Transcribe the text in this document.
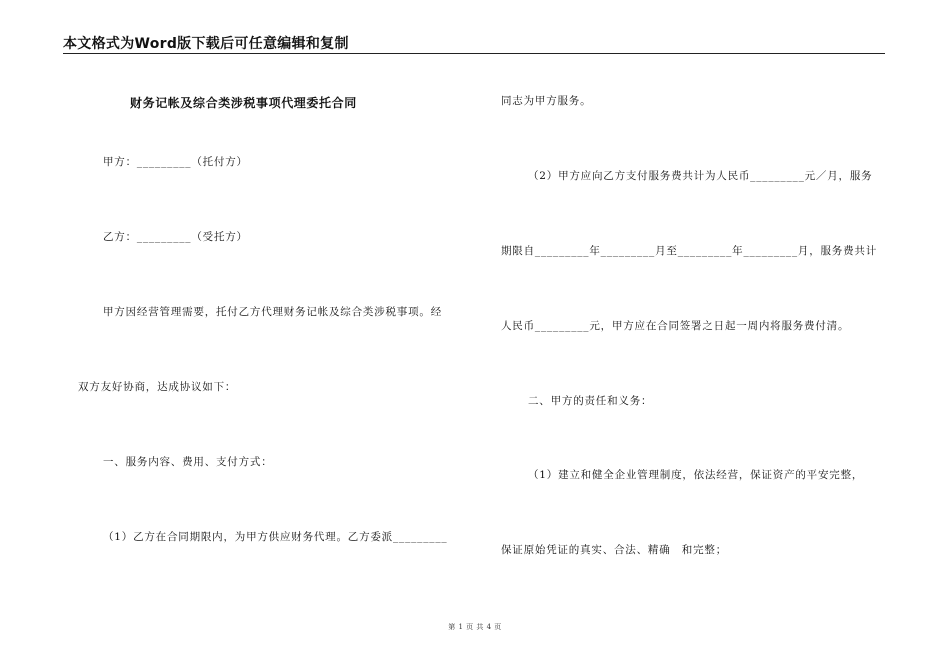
本文格式为Word版下载后可任意编辑和复制
财务记帐及综合类涉税事项代理委托合同
甲方：_________（托付方）
乙方：_________（受托方）
甲方因经营管理需要，托付乙方代理财务记帐及综合类涉税事项。经
双方友好协商，达成协议如下：
一、服务内容、费用、支付方式：
（1）乙方在合同期限内，为甲方供应财务代理。乙方委派_________
同志为甲方服务。
（2）甲方应向乙方支付服务费共计为人民币_________元／月，服务
期限自_________年_________月至_________年_________月，服务费共计
人民币_________元，甲方应在合同签署之日起一周内将服务费付清。
二、甲方的责任和义务：
（1）建立和健全企业管理制度，依法经营，保证资产的平安完整，
保证原始凭证的真实、合法、精确　和完整；
第 1 页 共 4 页
